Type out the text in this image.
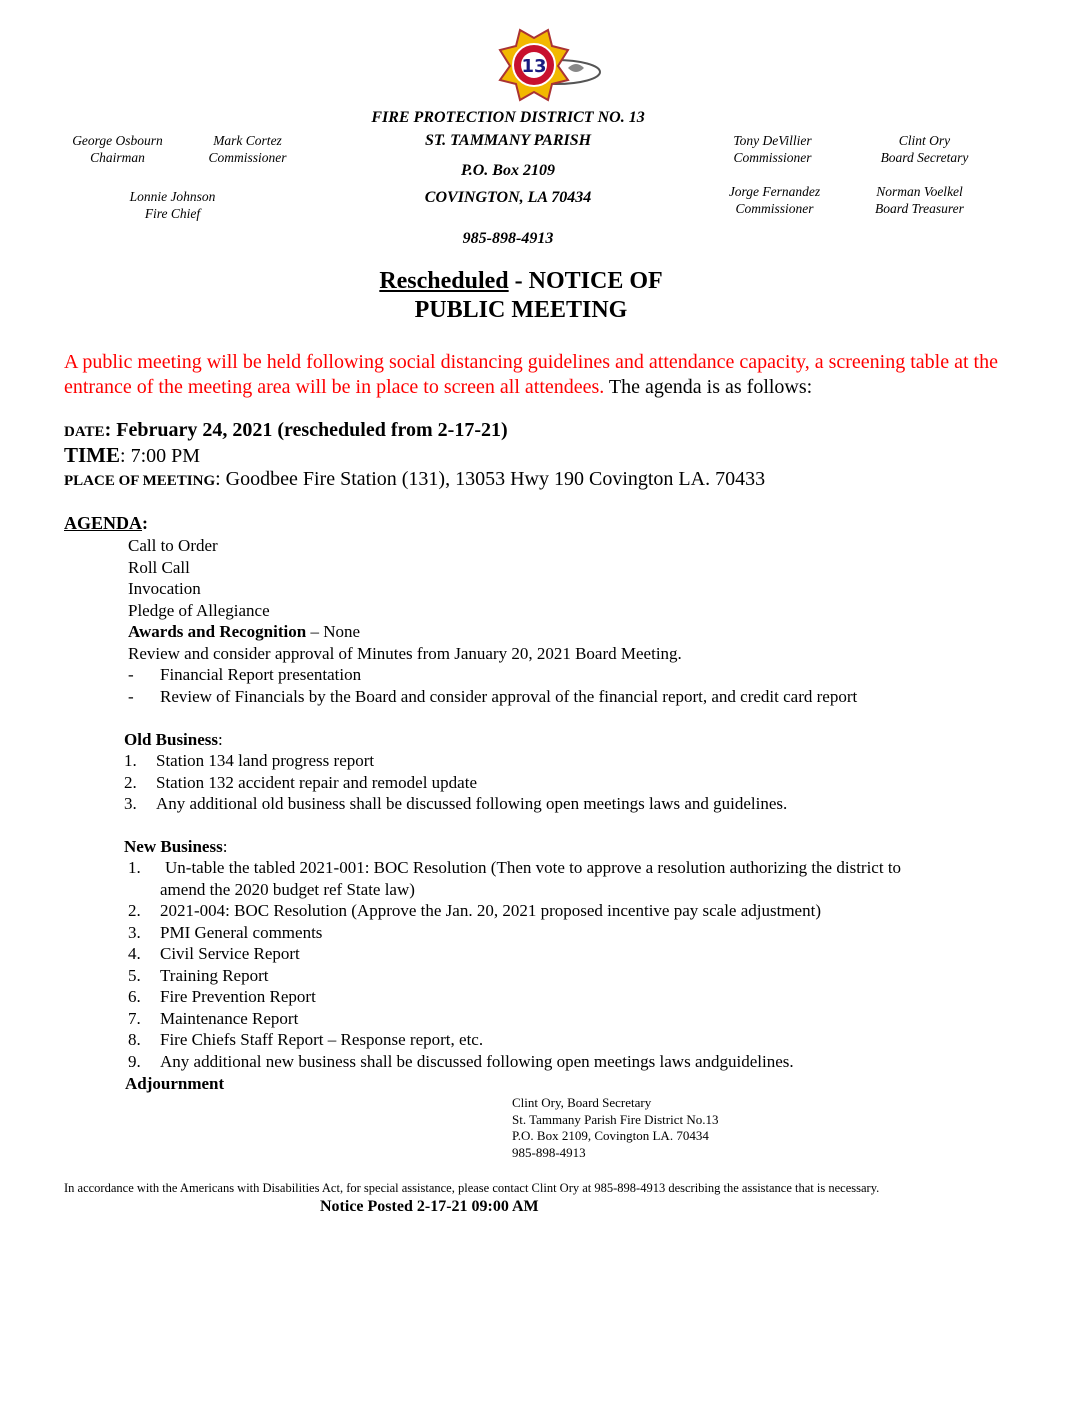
13
FIRE PROTECTION DISTRICT NO. 13
ST. TAMMANY PARISH
P.O. Box 2109
COVINGTON, LA 70434
985-898-4913
George Osbourn
Chairman
Mark Cortez
Commissioner
Lonnie Johnson
Fire Chief
Tony DeVillier
Commissioner
Clint Ory
Board Secretary
Jorge Fernandez
Commissioner
Norman Voelkel
Board Treasurer
Rescheduled - NOTICE OF
PUBLIC MEETING
A public meeting will be held following social distancing guidelines and attendance capacity, a screening table at the entrance of the meeting area will be in place to screen all attendees. The agenda is as follows:
DATE: February 24, 2021 (rescheduled from 2-17-21)
TIME: 7:00 PM
PLACE OF MEETING: Goodbee Fire Station (131), 13053 Hwy 190 Covington LA. 70433
AGENDA:
Call to Order
Roll Call
Invocation
Pledge of Allegiance
Awards and Recognition – None
Review and consider approval of Minutes from January 20, 2021 Board Meeting.
- Financial Report presentation
- Review of Financials by the Board and consider approval of the financial report, and credit card report
Old Business:
1. Station 134 land progress report
2. Station 132 accident repair and remodel update
3. Any additional old business shall be discussed following open meetings laws and guidelines.
New Business:
1. Un-table the tabled 2021-001: BOC Resolution (Then vote to approve a resolution authorizing the district to
amend the 2020 budget ref State law)
2. 2021-004: BOC Resolution (Approve the Jan. 20, 2021 proposed incentive pay scale adjustment)
3. PMI General comments
4. Civil Service Report
5. Training Report
6. Fire Prevention Report
7. Maintenance Report
8. Fire Chiefs Staff Report – Response report, etc.
9. Any additional new business shall be discussed following open meetings laws andguidelines.
Adjournment
Clint Ory, Board Secretary
St. Tammany Parish Fire District No.13
P.O. Box 2109, Covington LA. 70434
985-898-4913
In accordance with the Americans with Disabilities Act, for special assistance, please contact Clint Ory at 985-898-4913 describing the assistance that is necessary.
Notice Posted 2-17-21 09:00 AM
